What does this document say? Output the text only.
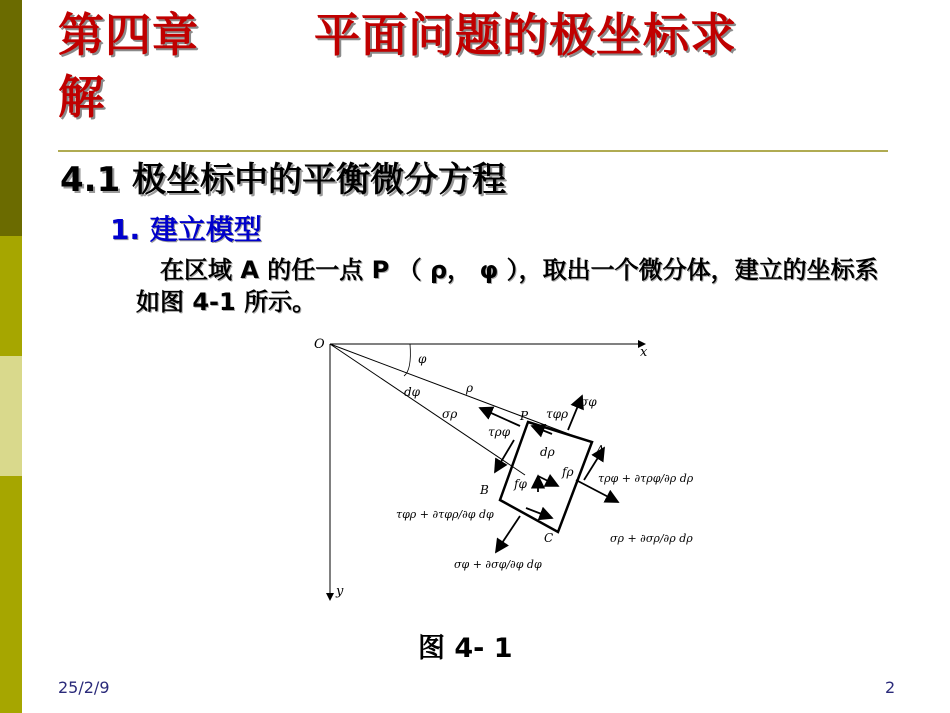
第四章	平面问题的极坐标求
解
4.1 极坐标中的平衡微分方程
1. 建立模型
在区域 A 的任一点 P （ ρ， φ ），取出一个微分体，建立的坐标系如图 4-1 所示。
O
x
y
φ
dφ	ρ
P
A
B
C
dρ
σρ
τρφ
σφ
τφρ
σρ + ∂σρ/∂ρ dρ
τρφ + ∂τρφ/∂ρ dρ
σφ + ∂σφ/∂φ dφ
τφρ + ∂τφρ/∂φ dφ
fφ
fρ
图 4- 1
25/2/9	2
